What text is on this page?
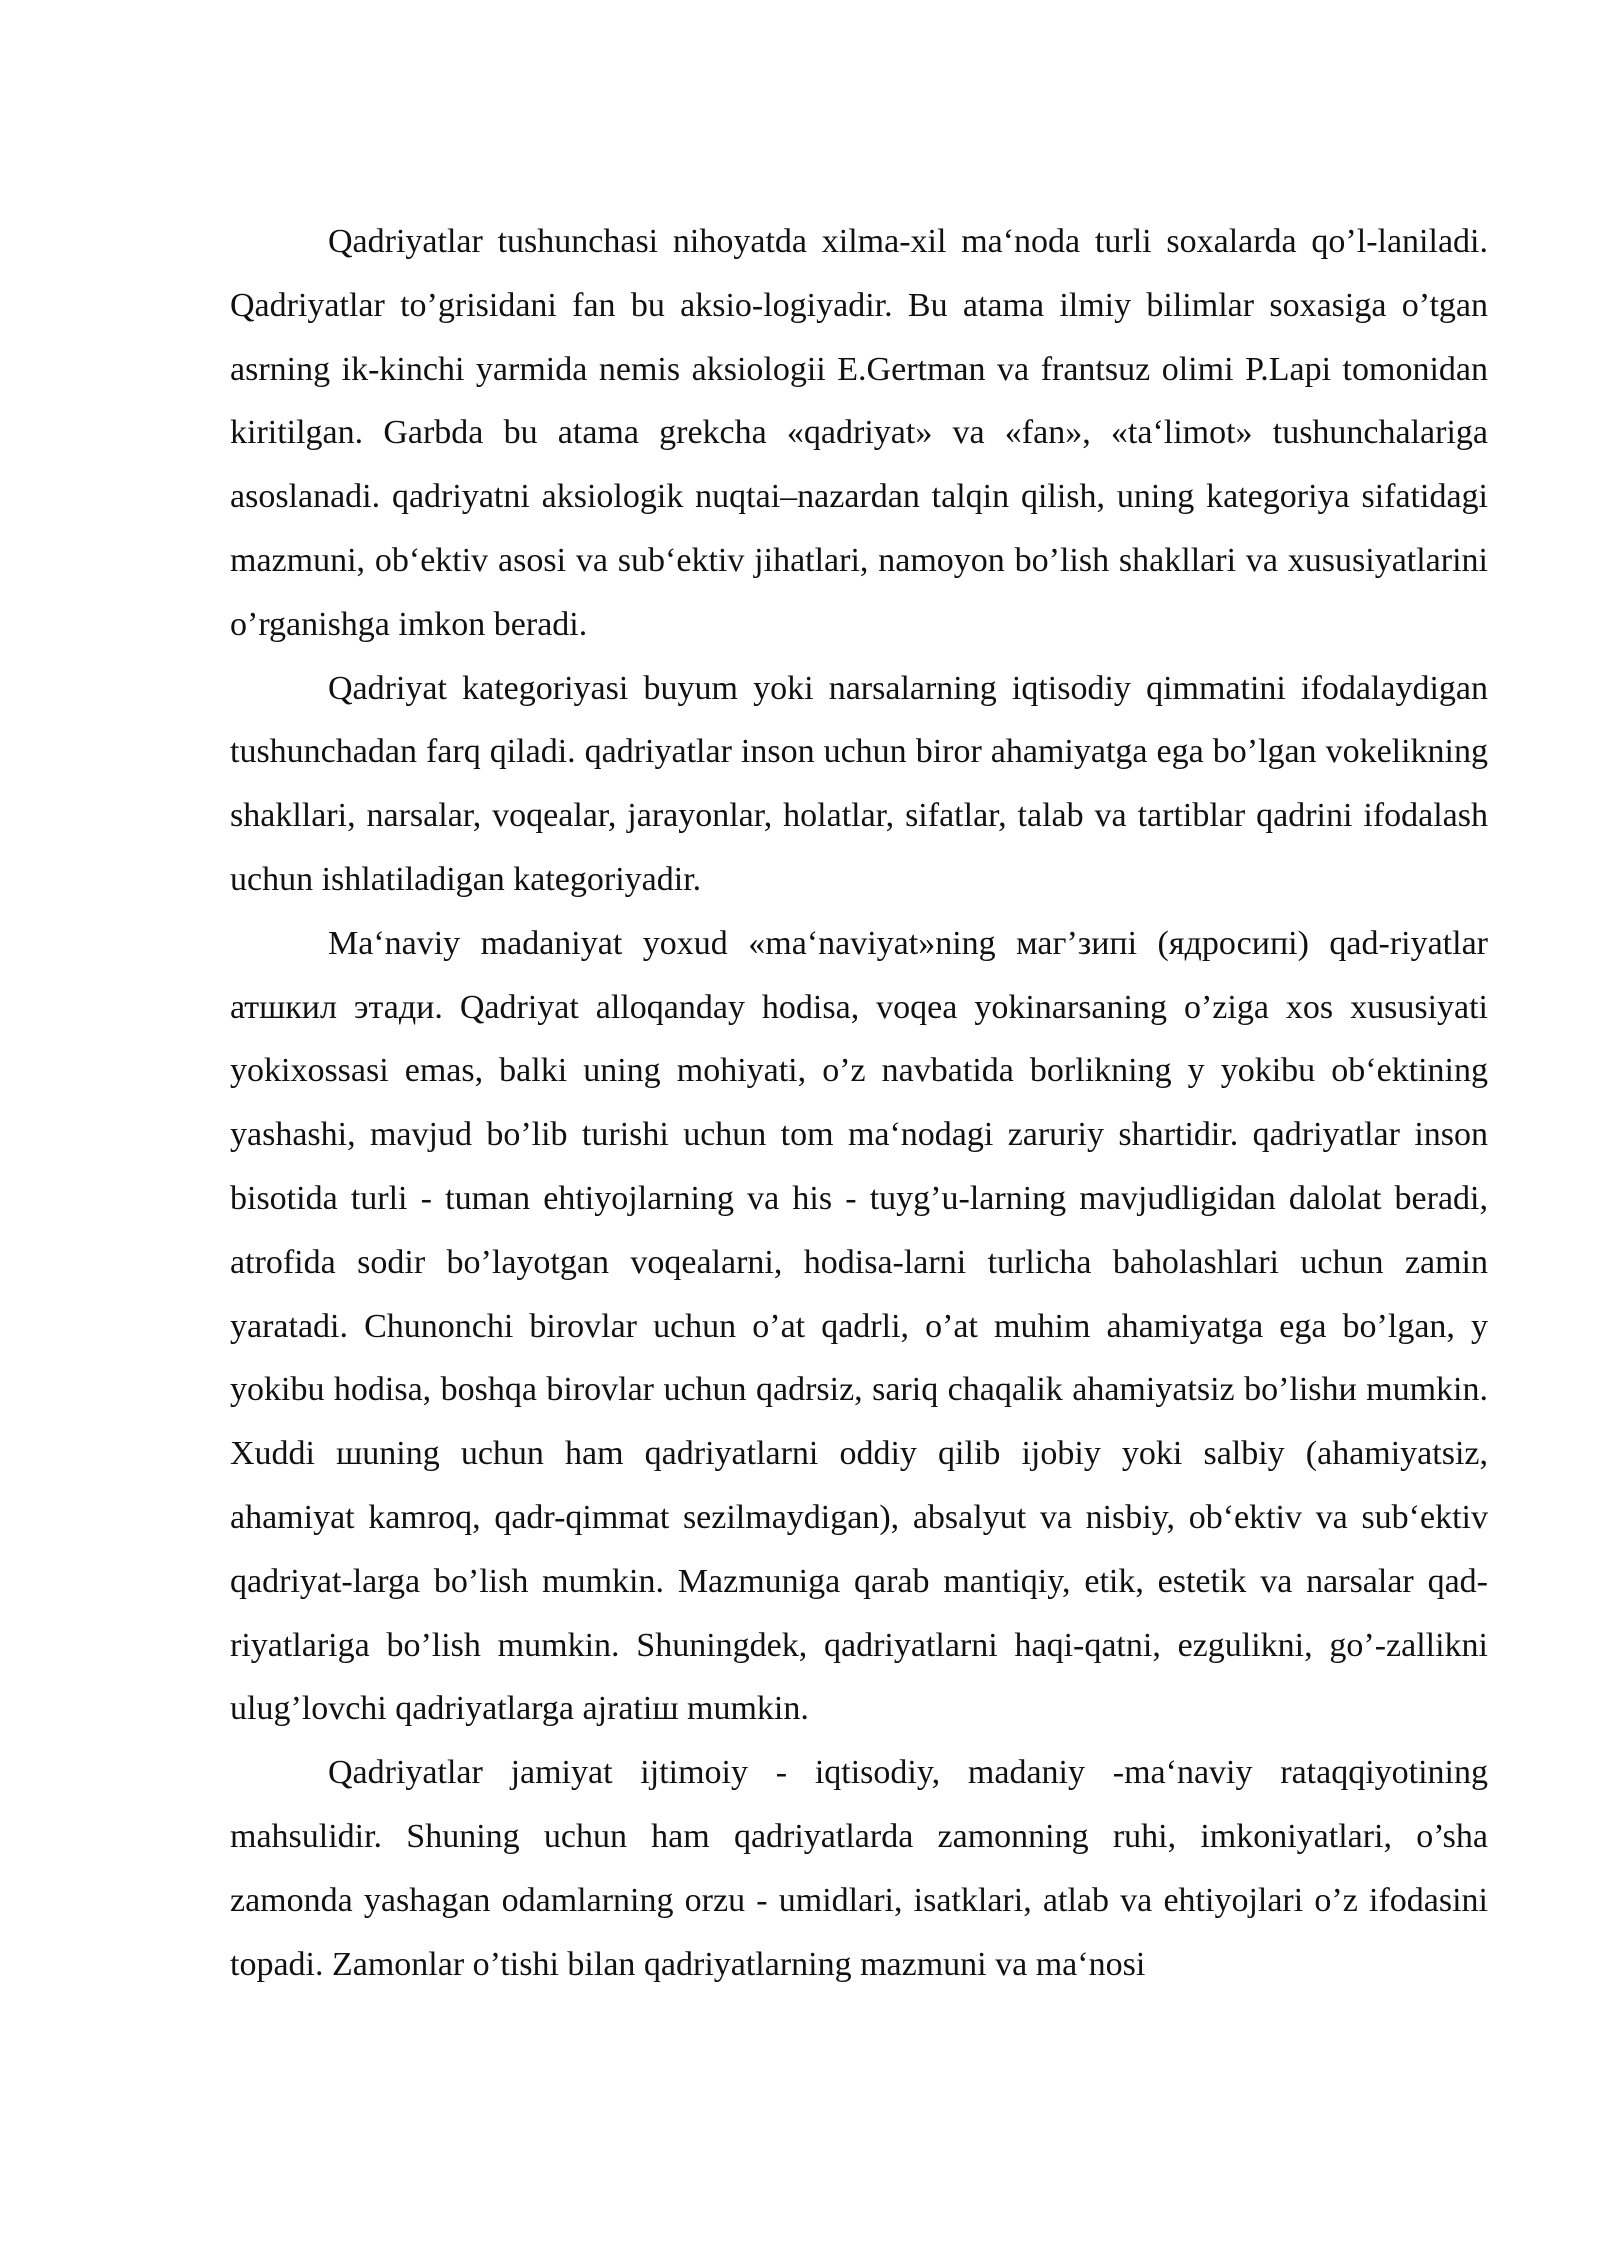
Qadriyatlar tushunchasi nihoyatda xilma-xil ma‘noda turli soxalarda qo’l-laniladi. Qadriyatlar to’grisidani fan bu aksio-logiyadir. Bu atama ilmiy bilimlar soxasiga o’tgan asrning ik-kinchi yarmida nemis aksiologii E.Gertman va frantsuz olimi P.Lapi tomonidan kiritilgan. Garbda bu atama grekcha «qadriyat» va «fan», «ta‘limot» tushunchalariga asoslanadi. qadriyatni aksiologik nuqtai–nazardan talqin qilish, uning kategoriya sifatidagi mazmuni, ob‘ektiv asosi va sub‘ektiv jihatlari, namoyon bo’lish shakllari va xususiyatlarini o’rganishga imkon beradi.

Qadriyat kategoriyasi buyum yoki narsalarning iqtisodiy qimmatini ifodalaydigan tushunchadan farq qiladi. qadriyatlar inson uchun biror ahamiyatga ega bo’lgan vokelikning shakllari, narsalar, voqealar, jarayonlar, holatlar, sifatlar, talab va tartiblar qadrini ifodalash uchun ishlatiladigan kategoriyadir.

Ma‘naviy madaniyat yoxud «ma‘naviyat»ning маг’зипі (ядросипі) qad-riyatlar атшкил этади. Qadriyat alloqanday hodisa, voqea yokinarsaning o’ziga xos xususiyati yokixossasi emas, balki uning mohiyati, o’z navbatida borlikning y yokibu ob‘ektining yashashi, mavjud bo’lib turishi uchun tom ma‘nodagi zaruriy shartidir. qadriyatlar inson bisotida turli - tuman ehtiyojlarning va his - tuyg’u-larning mavjudligidan dalolat beradi, atrofida sodir bo’layotgan voqealarni, hodisa-larni turlicha baholashlari uchun zamin yaratadi. Chunonchi birovlar uchun o’at qadrli, o’at muhim ahamiyatga ega bo’lgan, y yokibu hodisa, boshqa birovlar uchun qadrsiz, sariq chaqalik ahamiyatsiz bo’lishи mumkin. Xuddi шuning uchun ham qadriyatlarni oddiy qilib ijobiy yoki salbiy (ahamiyatsiz, ahamiyat kamroq, qadr-qimmat sezilmaydigan), absalyut va nisbiy, ob‘ektiv va sub‘ektiv qadriyat-larga bo’lish mumkin. Mazmuniga qarab mantiqiy, etik, estetik va narsalar qad-riyatlariga bo’lish mumkin. Shuningdek, qadriyatlarni haqi-qatni, ezgulikni, go’-zallikni ulug’lovchi qadriyatlarga ajratiш mumkin.

Qadriyatlar jamiyat ijtimoiy - iqtisodiy, madaniy -ma‘naviy rataqqiyotining mahsulidir. Shuning uchun ham qadriyatlarda zamonning ruhi, imkoniyatlari, o’sha zamonda yashagan odamlarning orzu - umidlari, isatklari, atlab va ehtiyojlari o’z ifodasini topadi. Zamonlar o’tishi bilan qadriyatlarning mazmuni va ma‘nosi
